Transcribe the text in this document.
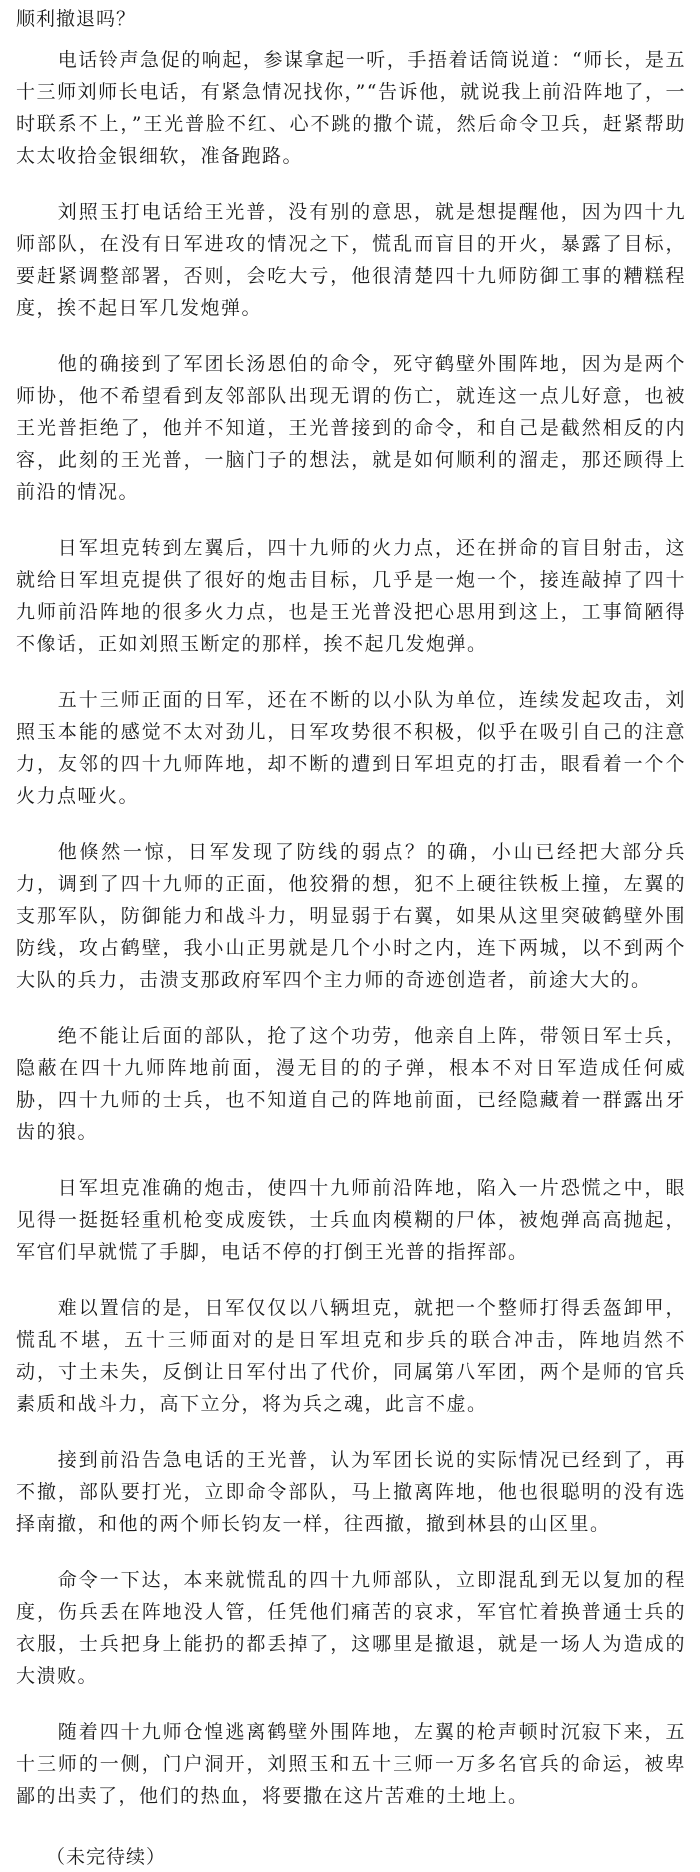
顺利撤退吗？
电话铃声急促的响起，参谋拿起一听，手捂着话筒说道：“师长，是五十三师刘师长电话，有紧急情况找你，”“告诉他，就说我上前沿阵地了，一时联系不上，”王光普脸不红、心不跳的撒个谎，然后命令卫兵，赶紧帮助太太收拾金银细软，准备跑路。
刘照玉打电话给王光普，没有别的意思，就是想提醒他，因为四十九师部队，在没有日军进攻的情况之下，慌乱而盲目的开火，暴露了目标，要赶紧调整部署，否则，会吃大亏，他很清楚四十九师防御工事的糟糕程度，挨不起日军几发炮弹。
他的确接到了军团长汤恩伯的命令，死守鹤壁外围阵地，因为是两个师协，他不希望看到友邻部队出现无谓的伤亡，就连这一点儿好意，也被王光普拒绝了，他并不知道，王光普接到的命令，和自己是截然相反的内容，此刻的王光普，一脑门子的想法，就是如何顺利的溜走，那还顾得上前沿的情况。
日军坦克转到左翼后，四十九师的火力点，还在拼命的盲目射击，这就给日军坦克提供了很好的炮击目标，几乎是一炮一个，接连敲掉了四十九师前沿阵地的很多火力点，也是王光普没把心思用到这上，工事简陋得不像话，正如刘照玉断定的那样，挨不起几发炮弹。
五十三师正面的日军，还在不断的以小队为单位，连续发起攻击，刘照玉本能的感觉不太对劲儿，日军攻势很不积极，似乎在吸引自己的注意力，友邻的四十九师阵地，却不断的遭到日军坦克的打击，眼看着一个个火力点哑火。
他倏然一惊，日军发现了防线的弱点？的确，小山已经把大部分兵力，调到了四十九师的正面，他狡猾的想，犯不上硬往铁板上撞，左翼的支那军队，防御能力和战斗力，明显弱于右翼，如果从这里突破鹤壁外围防线，攻占鹤壁，我小山正男就是几个小时之内，连下两城，以不到两个大队的兵力，击溃支那政府军四个主力师的奇迹创造者，前途大大的。
绝不能让后面的部队，抢了这个功劳，他亲自上阵，带领日军士兵，隐蔽在四十九师阵地前面，漫无目的的子弹，根本不对日军造成任何威胁，四十九师的士兵，也不知道自己的阵地前面，已经隐藏着一群露出牙齿的狼。
日军坦克准确的炮击，使四十九师前沿阵地，陷入一片恐慌之中，眼见得一挺挺轻重机枪变成废铁，士兵血肉模糊的尸体，被炮弹高高抛起，军官们早就慌了手脚，电话不停的打倒王光普的指挥部。
难以置信的是，日军仅仅以八辆坦克，就把一个整师打得丢盔卸甲，慌乱不堪，五十三师面对的是日军坦克和步兵的联合冲击，阵地岿然不动，寸土未失，反倒让日军付出了代价，同属第八军团，两个是师的官兵素质和战斗力，高下立分，将为兵之魂，此言不虚。
接到前沿告急电话的王光普，认为军团长说的实际情况已经到了，再不撤，部队要打光，立即命令部队，马上撤离阵地，他也很聪明的没有选择南撤，和他的两个师长钧友一样，往西撤，撤到林县的山区里。
命令一下达，本来就慌乱的四十九师部队，立即混乱到无以复加的程度，伤兵丢在阵地没人管，任凭他们痛苦的哀求，军官忙着换普通士兵的衣服，士兵把身上能扔的都丢掉了，这哪里是撤退，就是一场人为造成的大溃败。
随着四十九师仓惶逃离鹤壁外围阵地，左翼的枪声顿时沉寂下来，五十三师的一侧，门户洞开，刘照玉和五十三师一万多名官兵的命运，被卑鄙的出卖了，他们的热血，将要撒在这片苦难的土地上。
（未完待续）
